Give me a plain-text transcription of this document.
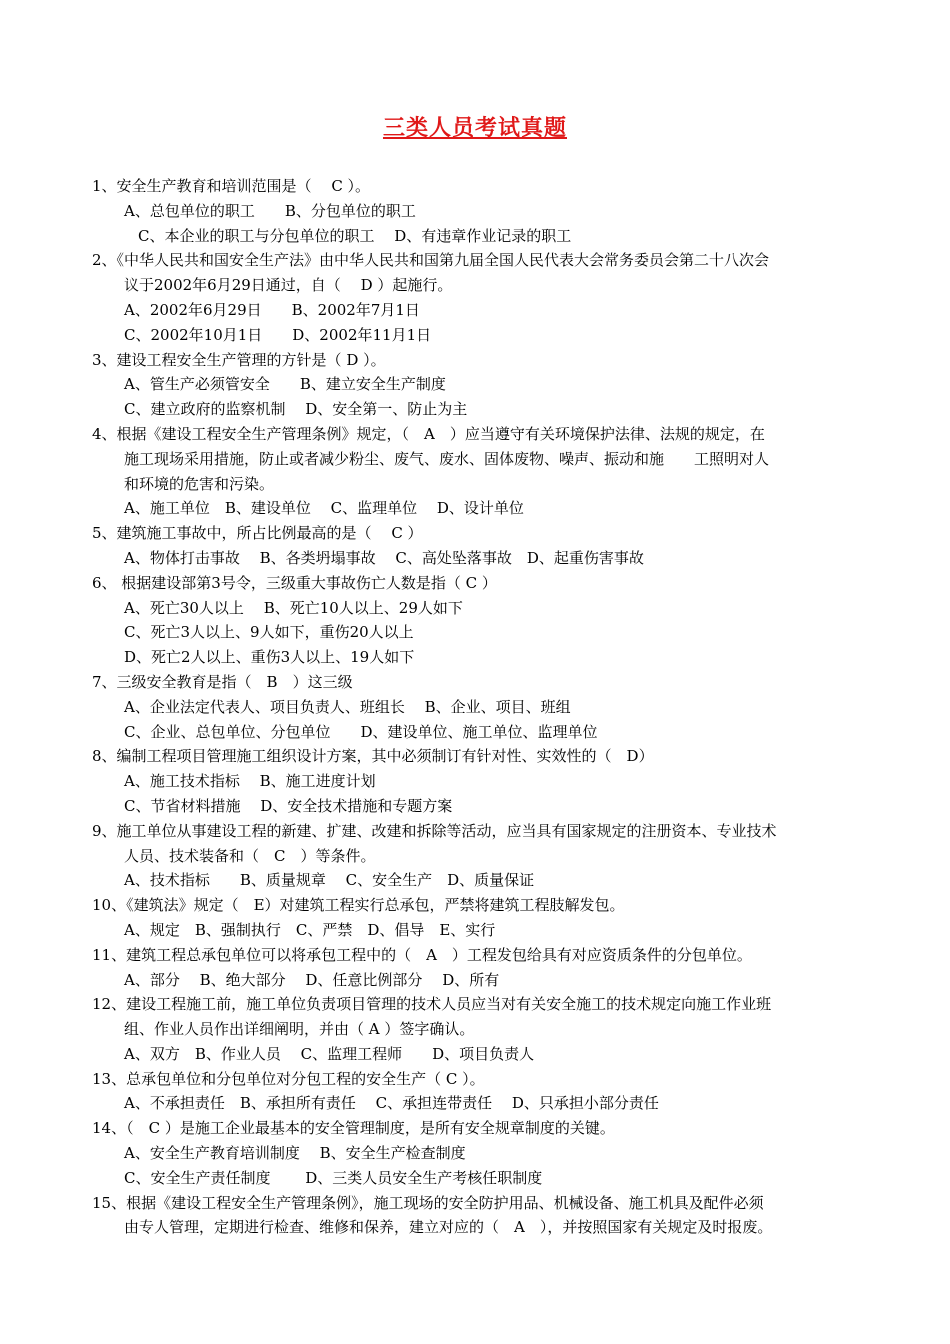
三类人员考试真题
1、安全生产教育和培训范围是（　 C ）。
A、总包单位的职工　　B、分包单位的职工
C、本企业的职工与分包单位的职工　 D、有违章作业记录的职工
2、《中华人民共和国安全生产法》由中华人民共和国第九届全国人民代表大会常务委员会第二十八次会
议于2002年6月29日通过，自（　 D ）起施行。
A、2002年6月29日　　B、2002年7月1日
C、2002年10月1日　　D、2002年11月1日
3、建设工程安全生产管理的方针是（ D ）。
A、管生产必须管安全　　B、建立安全生产制度
C、建立政府的监察机制　 D、安全第一、防止为主
4、根据《建设工程安全生产管理条例》规定，（　A　）应当遵守有关环境保护法律、法规的规定，在
施工现场采用措施，防止或者减少粉尘、废气、废水、固体废物、噪声、振动和施　　工照明对人
和环境的危害和污染。
A、施工单位　B、建设单位　 C、监理单位　 D、设计单位
5、建筑施工事故中，所占比例最高的是（　 C ）
A、物体打击事故　 B、各类坍塌事故　 C、高处坠落事故　D、起重伤害事故
6、 根据建设部第3号令，三级重大事故伤亡人数是指（ C ）
A、死亡30人以上　 B、死亡10人以上、29人如下
C、死亡3人以上、9人如下，重伤20人以上
D、死亡2人以上、重伤3人以上、19人如下
7、三级安全教育是指（　B　）这三级
A、企业法定代表人、项目负责人、班组长　 B、企业、项目、班组
C、企业、总包单位、分包单位　　D、建设单位、施工单位、监理单位
8、编制工程项目管理施工组织设计方案，其中必须制订有针对性、实效性的（　D）
A、施工技术指标　 B、施工进度计划
C、节省材料措施　 D、安全技术措施和专题方案
9、施工单位从事建设工程的新建、扩建、改建和拆除等活动，应当具有国家规定的注册资本、专业技术
人员、技术装备和（　C　）等条件。
A、技术指标　　B、质量规章　 C、安全生产　D、质量保证
10、《建筑法》规定（　E）对建筑工程实行总承包，严禁将建筑工程肢解发包。
A、规定　B、强制执行　C、严禁　D、倡导　E、实行
11、建筑工程总承包单位可以将承包工程中的（　A　）工程发包给具有对应资质条件的分包单位。
A、部分　 B、绝大部分　 D、任意比例部分　 D、所有
12、建设工程施工前，施工单位负责项目管理的技术人员应当对有关安全施工的技术规定向施工作业班
组、作业人员作出详细阐明，并由（ A ）签字确认。
A、双方　B、作业人员　 C、监理工程师　　D、项目负责人
13、总承包单位和分包单位对分包工程的安全生产（ C ）。
A、不承担责任　B、承担所有责任　 C、承担连带责任　 D、只承担小部分责任
14、（　C ）是施工企业最基本的安全管理制度，是所有安全规章制度的关键。
A、安全生产教育培训制度　 B、安全生产检查制度
C、安全生产责任制度　　 D、三类人员安全生产考核任职制度
15、根据《建设工程安全生产管理条例》，施工现场的安全防护用品、机械设备、施工机具及配件必须
由专人管理，定期进行检查、维修和保养，建立对应的（　A　），并按照国家有关规定及时报废。
